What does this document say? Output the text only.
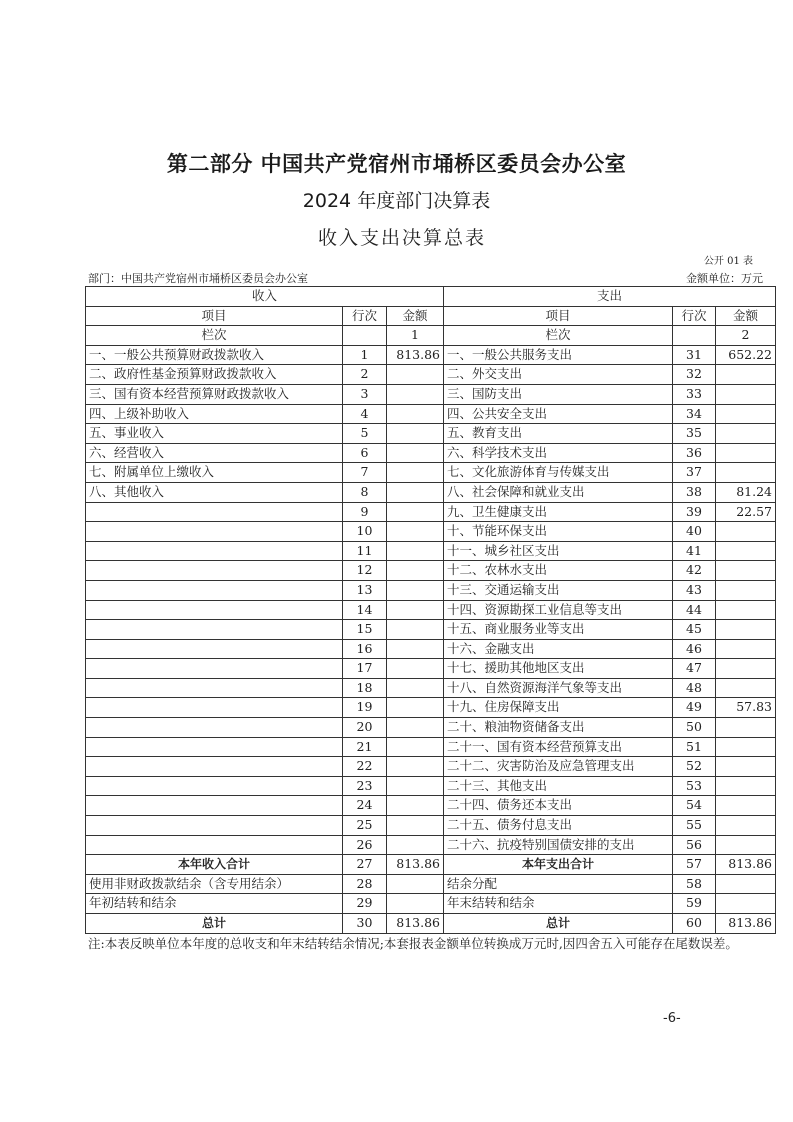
第二部分 中国共产党宿州市埇桥区委员会办公室
2024 年度部门决算表
收入支出决算总表
公开 01 表
部门：中国共产党宿州市埇桥区委员会办公室	金额单位：万元
收入			支出		
项目	行次	金额	项目	行次	金额
栏次		1	栏次		2
一、一般公共预算财政拨款收入	1	813.86	一、一般公共服务支出	31	652.22
二、政府性基金预算财政拨款收入	2		二、外交支出	32	
三、国有资本经营预算财政拨款收入	3		三、国防支出	33	
四、上级补助收入	4		四、公共安全支出	34	
五、事业收入	5		五、教育支出	35	
六、经营收入	6		六、科学技术支出	36	
七、附属单位上缴收入	7		七、文化旅游体育与传媒支出	37	
八、其他收入	8		八、社会保障和就业支出	38	81.24
	9		九、卫生健康支出	39	22.57
	10		十、节能环保支出	40	
	11		十一、城乡社区支出	41	
	12		十二、农林水支出	42	
	13		十三、交通运输支出	43	
	14		十四、资源勘探工业信息等支出	44	
	15		十五、商业服务业等支出	45	
	16		十六、金融支出	46	
	17		十七、援助其他地区支出	47	
	18		十八、自然资源海洋气象等支出	48	
	19		十九、住房保障支出	49	57.83
	20		二十、粮油物资储备支出	50	
	21		二十一、国有资本经营预算支出	51	
	22		二十二、灾害防治及应急管理支出	52	
	23		二十三、其他支出	53	
	24		二十四、债务还本支出	54	
	25		二十五、债务付息支出	55	
	26		二十六、抗疫特别国债安排的支出	56	
本年收入合计	27	813.86	本年支出合计	57	813.86
使用非财政拨款结余（含专用结余）	28		结余分配	58	
年初结转和结余	29		年末结转和结余	59	
总计	30	813.86	总计	60	813.86
注:本表反映单位本年度的总收支和年末结转结余情况;本套报表金额单位转换成万元时,因四舍五入可能存在尾数误差。
-6-
